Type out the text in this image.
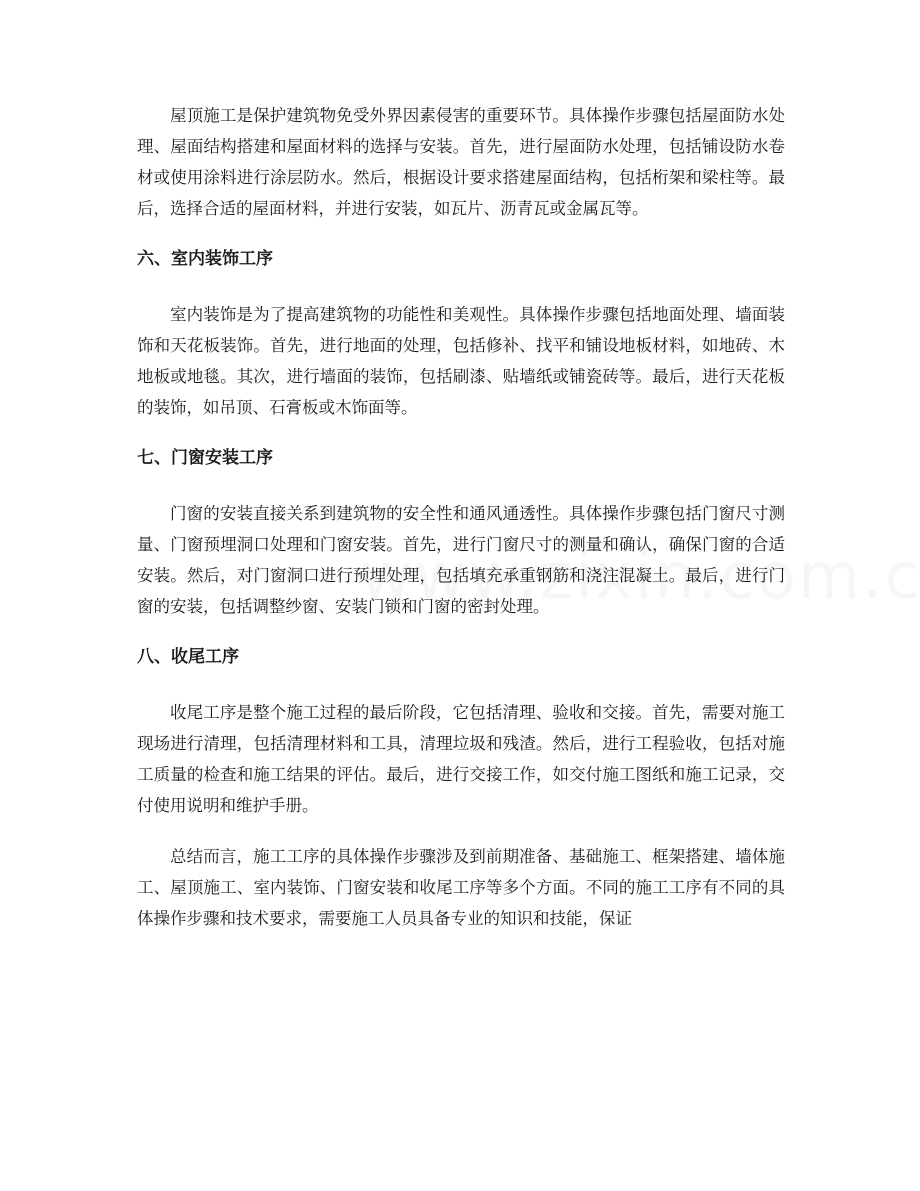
屋顶施工是保护建筑物免受外界因素侵害的重要环节。具体操作步骤包括屋面防水处理、屋面结构搭建和屋面材料的选择与安装。首先，进行屋面防水处理，包括铺设防水卷材或使用涂料进行涂层防水。然后，根据设计要求搭建屋面结构，包括桁架和梁柱等。最后，选择合适的屋面材料，并进行安装，如瓦片、沥青瓦或金属瓦等。

六、室内装饰工序

室内装饰是为了提高建筑物的功能性和美观性。具体操作步骤包括地面处理、墙面装饰和天花板装饰。首先，进行地面的处理，包括修补、找平和铺设地板材料，如地砖、木地板或地毯。其次，进行墙面的装饰，包括刷漆、贴墙纸或铺瓷砖等。最后，进行天花板的装饰，如吊顶、石膏板或木饰面等。

七、门窗安装工序

门窗的安装直接关系到建筑物的安全性和通风通透性。具体操作步骤包括门窗尺寸测量、门窗预埋洞口处理和门窗安装。首先，进行门窗尺寸的测量和确认，确保门窗的合适安装。然后，对门窗洞口进行预埋处理，包括填充承重钢筋和浇注混凝土。最后，进行门窗的安装，包括调整纱窗、安装门锁和门窗的密封处理。

八、收尾工序

收尾工序是整个施工过程的最后阶段，它包括清理、验收和交接。首先，需要对施工现场进行清理，包括清理材料和工具，清理垃圾和残渣。然后，进行工程验收，包括对施工质量的检查和施工结果的评估。最后，进行交接工作，如交付施工图纸和施工记录，交付使用说明和维护手册。

总结而言，施工工序的具体操作步骤涉及到前期准备、基础施工、框架搭建、墙体施工、屋顶施工、室内装饰、门窗安装和收尾工序等多个方面。不同的施工工序有不同的具体操作步骤和技术要求，需要施工人员具备专业的知识和技能，保证
